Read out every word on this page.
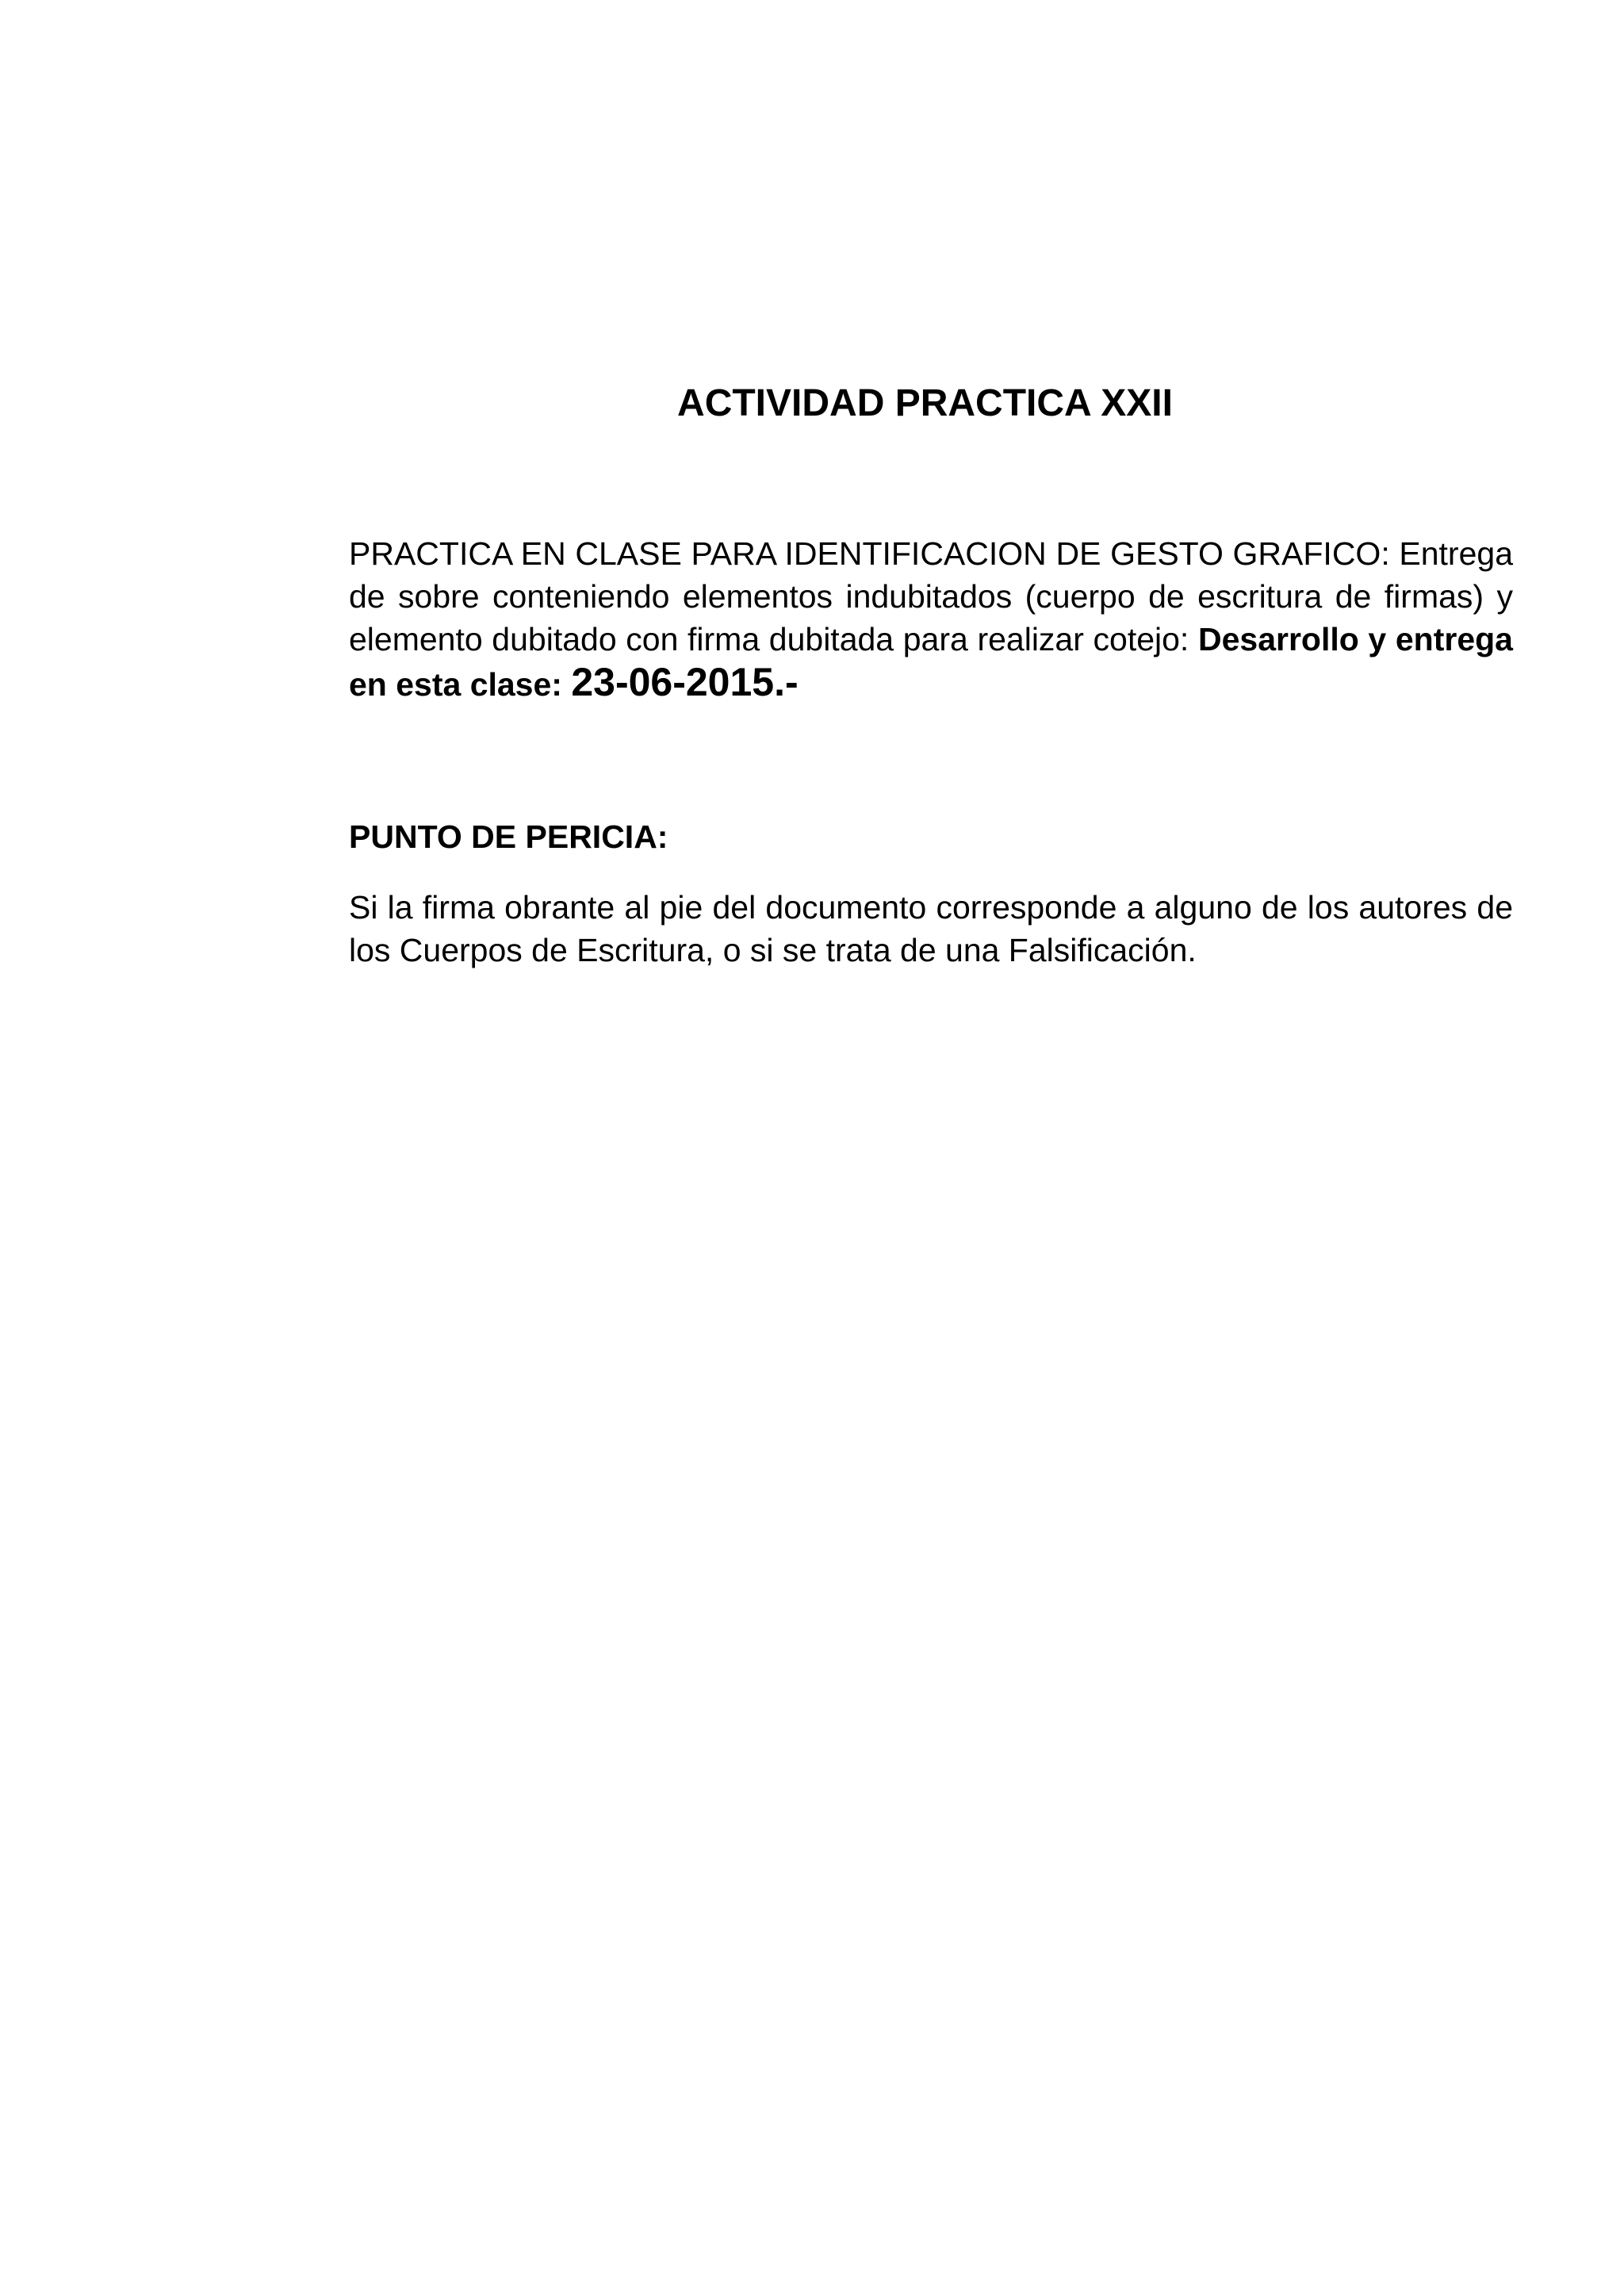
ACTIVIDAD PRACTICA XXII

PRACTICA EN CLASE PARA IDENTIFICACION DE GESTO GRAFICO: Entrega de sobre conteniendo elementos indubitados (cuerpo de escritura de firmas) y elemento dubitado con firma dubitada para realizar cotejo: Desarrollo y entrega en esta clase: 23-06-2015.-

PUNTO DE PERICIA:

Si la firma obrante al pie del documento corresponde a alguno de los autores de los Cuerpos de Escritura, o si se trata de una Falsificación.
